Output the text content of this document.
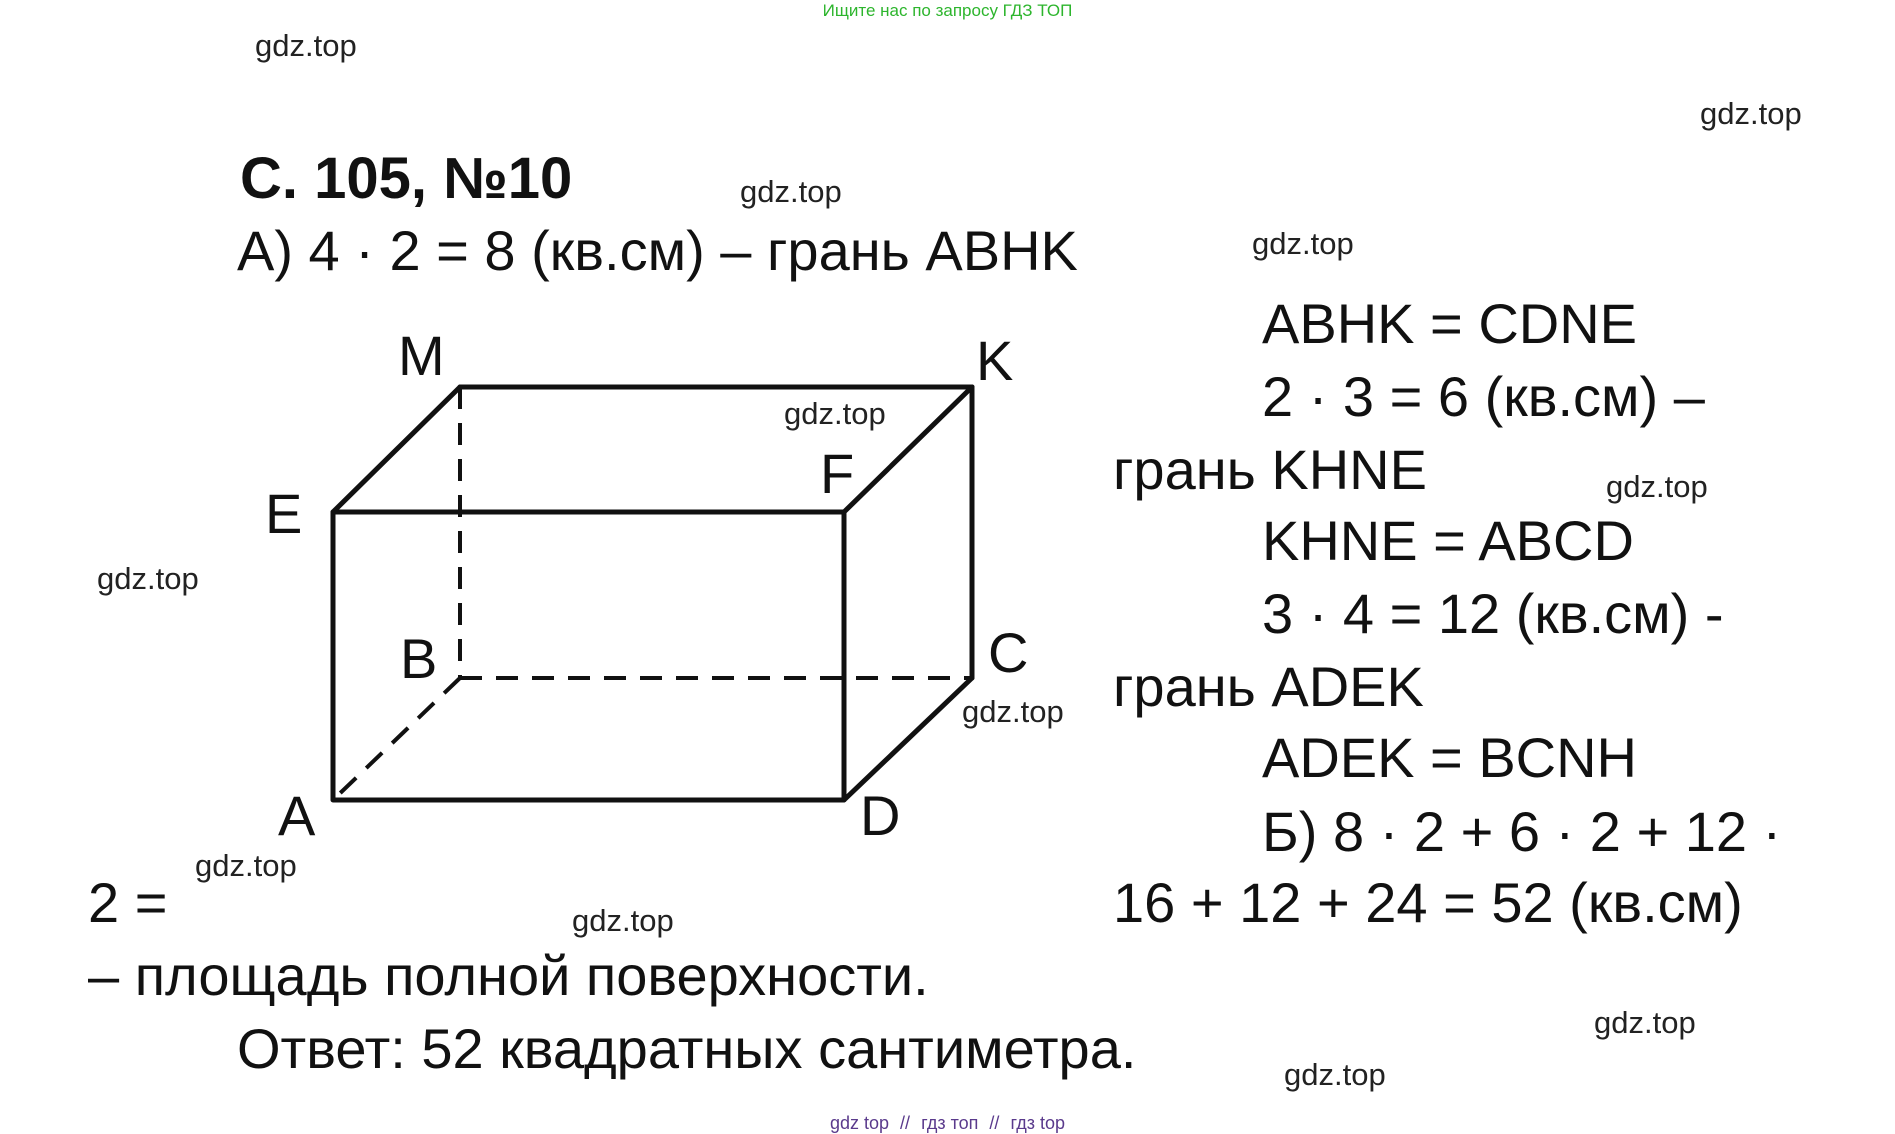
Ищите нас по запросу ГДЗ ТОП
gdz.top
gdz.top
gdz.top
gdz.top
gdz.top
gdz.top
gdz.top
gdz.top
gdz.top
gdz.top
gdz.top
gdz.top
С. 105, №10
А) 4 · 2 = 8 (кв.см) – грань ABHK
ABHK = CDNE
2 · 3 = 6 (кв.см) –
грань KHNE
KHNE = ABCD
3 · 4 = 12 (кв.см) -
грань ADEK
ADEK = BCNH
Б) 8 · 2 + 6 · 2 + 12 ·
2 =	16 + 12 + 24 = 52 (кв.см)
– площадь полной поверхности.
Ответ: 52 квадратных сантиметра.
M	K
E
F
B	C
A	D
gdz top // гдз топ // гдз top
